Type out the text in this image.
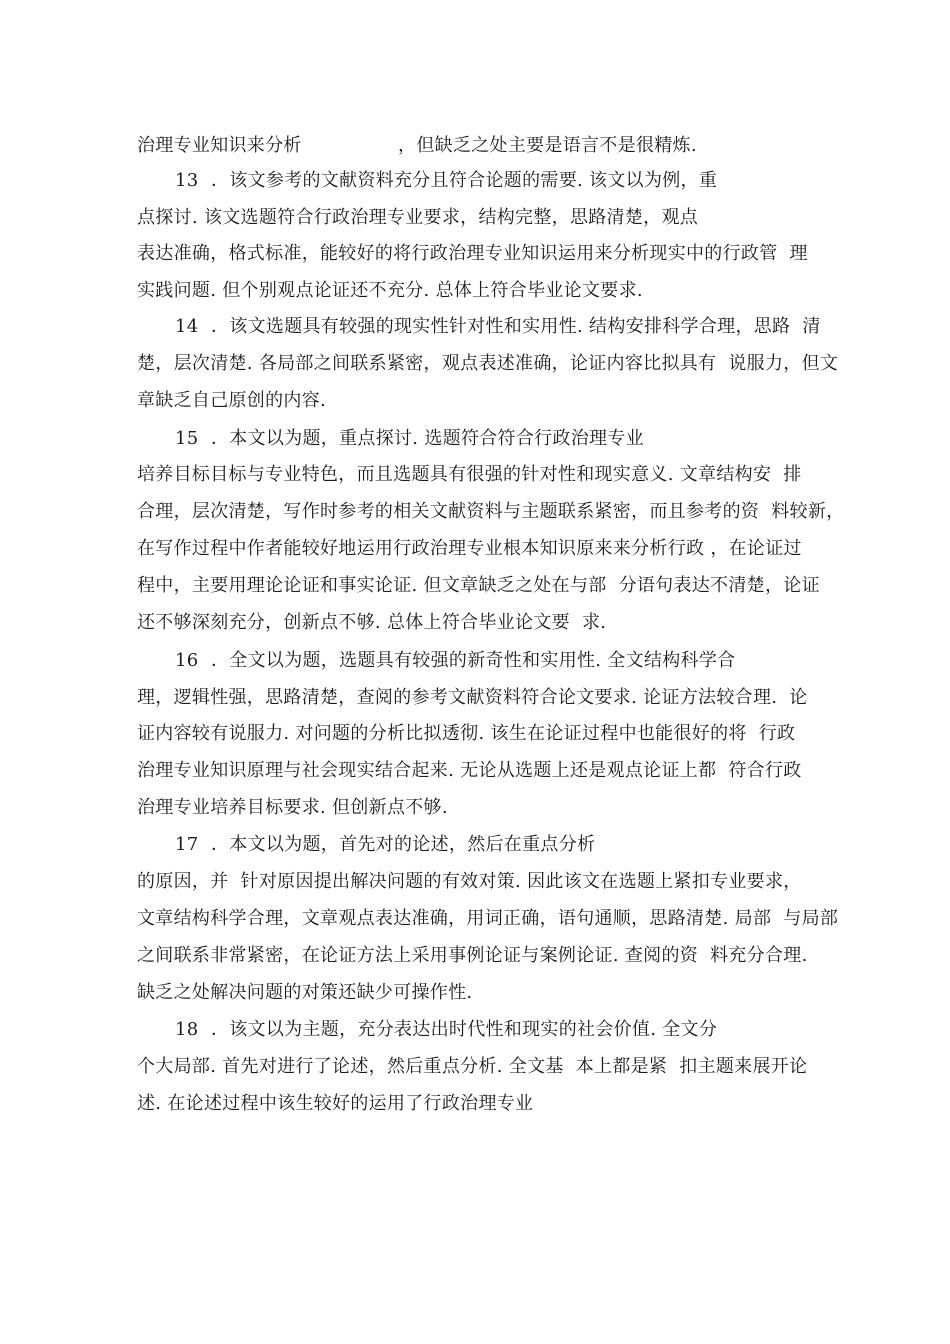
治理专业知识来分析                ，但缺乏之处主要是语言不是很精炼.
13 ．该文参考的文献资料充分且符合论题的需要. 该文以为例，重
点探讨. 该文选题符合行政治理专业要求，结构完整，思路清楚，观点
表达准确，格式标准，能较好的将行政治理专业知识运用来分析现实中的行政管  理
实践问题. 但个别观点论证还不充分. 总体上符合毕业论文要求.
14 ．该文选题具有较强的现实性针对性和实用性. 结构安排科学合理，思路  清
楚，层次清楚. 各局部之间联系紧密，观点表述准确，论证内容比拟具有  说服力，但文
章缺乏自己原创的内容.
15 ．本文以为题，重点探讨. 选题符合符合行政治理专业
培养目标目标与专业特色，而且选题具有很强的针对性和现实意义. 文章结构安  排
合理，层次清楚，写作时参考的相关文献资料与主题联系紧密，而且参考的资  料较新，
在写作过程中作者能较好地运用行政治理专业根本知识原来来分析行政 ，在论证过
程中，主要用理论论证和事实论证. 但文章缺乏之处在与部  分语句表达不清楚，论证
还不够深刻充分，创新点不够. 总体上符合毕业论文要  求.
16 ．全文以为题，选题具有较强的新奇性和实用性. 全文结构科学合
理，逻辑性强，思路清楚，查阅的参考文献资料符合论文要求. 论证方法较合理.  论
证内容较有说服力. 对问题的分析比拟透彻. 该生在论证过程中也能很好的将  行政
治理专业知识原理与社会现实结合起来. 无论从选题上还是观点论证上都  符合行政
治理专业培养目标要求. 但创新点不够.
17 ．本文以为题，首先对的论述，然后在重点分析
的原因，并  针对原因提出解决问题的有效对策. 因此该文在选题上紧扣专业要求，
文章结构科学合理，文章观点表达准确，用词正确，语句通顺，思路清楚. 局部  与局部
之间联系非常紧密，在论证方法上采用事例论证与案例论证. 查阅的资  料充分合理.
缺乏之处解决问题的对策还缺少可操作性.
18 ．该文以为主题，充分表达出时代性和现实的社会价值. 全文分
个大局部. 首先对进行了论述，然后重点分析. 全文基  本上都是紧  扣主题来展开论
述. 在论述过程中该生较好的运用了行政治理专业
